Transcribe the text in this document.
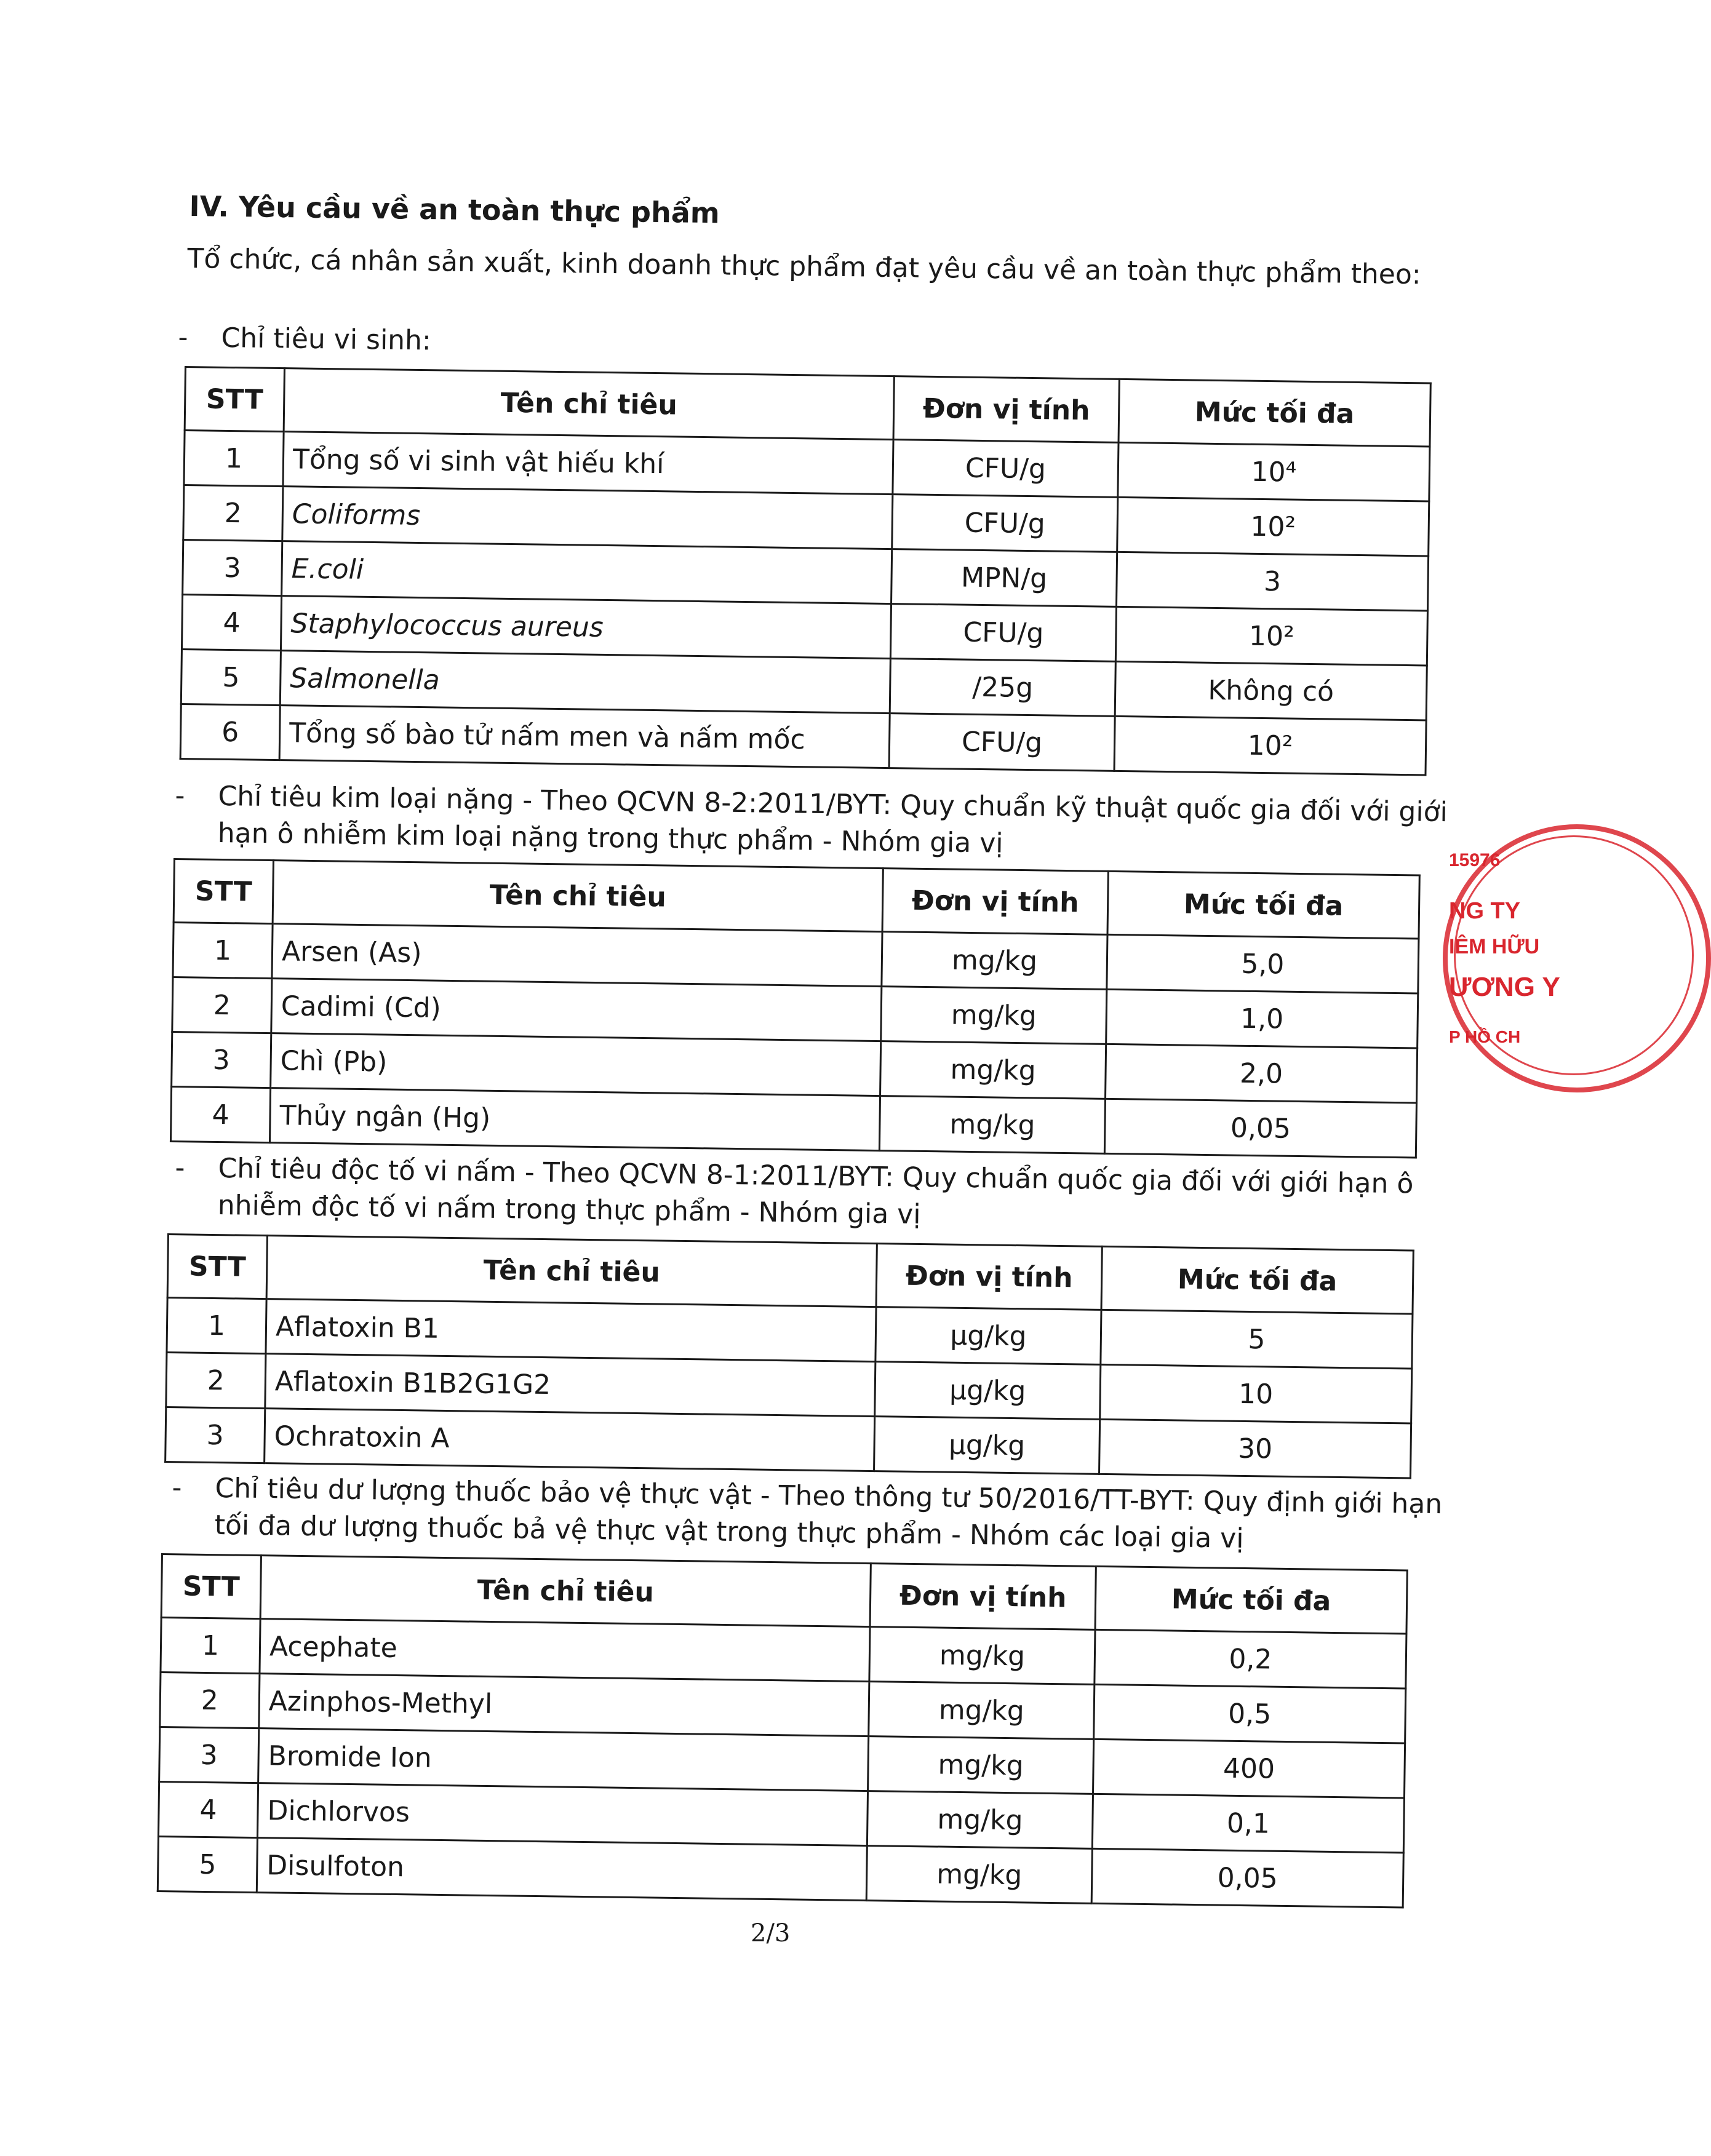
IV. Yêu cầu về an toàn thực phẩm
Tổ chức, cá nhân sản xuất, kinh doanh thực phẩm đạt yêu cầu về an toàn thực phẩm theo:
- Chỉ tiêu vi sinh:
STT	Tên chỉ tiêu	Đơn vị tính	Mức tối đa
1	Tổng số vi sinh vật hiếu khí	CFU/g	10⁴
2	Coliforms	CFU/g	10²
3	E.coli	MPN/g	3
4	Staphylococcus aureus	CFU/g	10²
5	Salmonella	/25g	Không có
6	Tổng số bào tử nấm men và nấm mốc	CFU/g	10²
- Chỉ tiêu kim loại nặng - Theo QCVN 8-2:2011/BYT: Quy chuẩn kỹ thuật quốc gia đối với giới hạn ô nhiễm kim loại nặng trong thực phẩm - Nhóm gia vị
STT	Tên chỉ tiêu	Đơn vị tính	Mức tối đa
1	Arsen (As)	mg/kg	5,0
2	Cadimi (Cd)	mg/kg	1,0
3	Chì (Pb)	mg/kg	2,0
4	Thủy ngân (Hg)	mg/kg	0,05
- Chỉ tiêu độc tố vi nấm - Theo QCVN 8-1:2011/BYT: Quy chuẩn quốc gia đối với giới hạn ô nhiễm độc tố vi nấm trong thực phẩm - Nhóm gia vị
STT	Tên chỉ tiêu	Đơn vị tính	Mức tối đa
1	Aflatoxin B1	µg/kg	5
2	Aflatoxin B1B2G1G2	µg/kg	10
3	Ochratoxin A	µg/kg	30
- Chỉ tiêu dư lượng thuốc bảo vệ thực vật - Theo thông tư 50/2016/TT-BYT: Quy định giới hạn tối đa dư lượng thuốc bả vệ thực vật trong thực phẩm - Nhóm các loại gia vị
STT	Tên chỉ tiêu	Đơn vị tính	Mức tối đa
1	Acephate	mg/kg	0,2
2	Azinphos-Methyl	mg/kg	0,5
3	Bromide Ion	mg/kg	400
4	Dichlorvos	mg/kg	0,1
5	Disulfoton	mg/kg	0,05
2/3
15976
NG TY
IÊM HỮU
ƯƠNG Y
P HỒ CH
